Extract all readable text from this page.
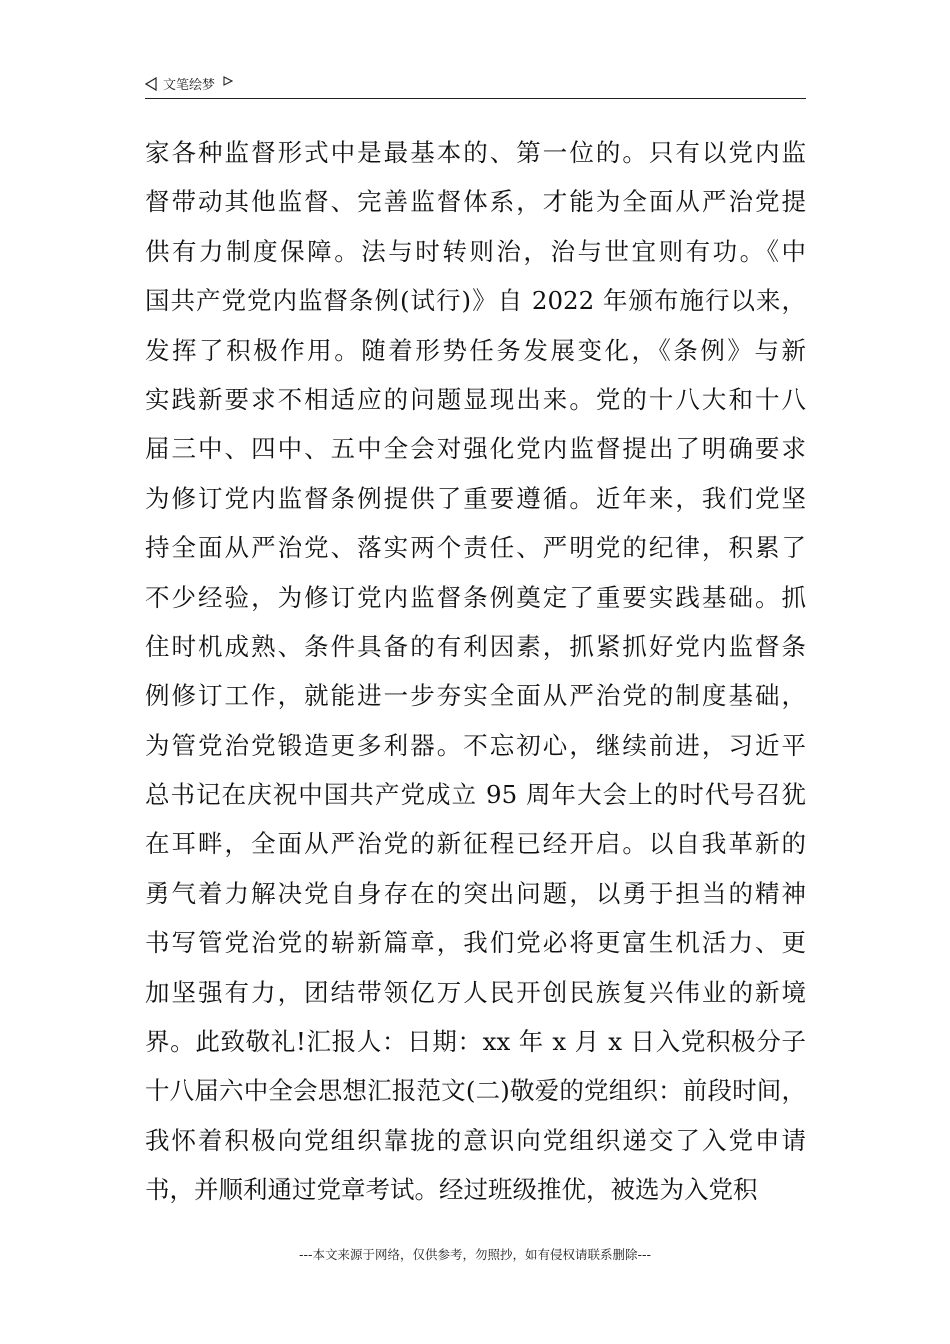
文笔绘梦
家各种监督形式中是最基本的、第一位的。只有以党内监
督带动其他监督、完善监督体系，才能为全面从严治党提
供有力制度保障。法与时转则治，治与世宜则有功。《中
国共产党党内监督条例(试行)》自 2022 年颁布施行以来，
发挥了积极作用。随着形势任务发展变化，《条例》与新
实践新要求不相适应的问题显现出来。党的十八大和十八
届三中、四中、五中全会对强化党内监督提出了明确要求
为修订党内监督条例提供了重要遵循。近年来，我们党坚
持全面从严治党、落实两个责任、严明党的纪律，积累了
不少经验，为修订党内监督条例奠定了重要实践基础。抓
住时机成熟、条件具备的有利因素，抓紧抓好党内监督条
例修订工作，就能进一步夯实全面从严治党的制度基础，
为管党治党锻造更多利器。不忘初心，继续前进，习近平
总书记在庆祝中国共产党成立 95 周年大会上的时代号召犹
在耳畔，全面从严治党的新征程已经开启。以自我革新的
勇气着力解决党自身存在的突出问题，以勇于担当的精神
书写管党治党的崭新篇章，我们党必将更富生机活力、更
加坚强有力，团结带领亿万人民开创民族复兴伟业的新境
界。此致敬礼!汇报人：日期：xx 年 x 月 x 日入党积极分子
十八届六中全会思想汇报范文(二)敬爱的党组织：前段时间，
我怀着积极向党组织靠拢的意识向党组织递交了入党申请
书，并顺利通过党章考试。经过班级推优，被选为入党积
---本文来源于网络，仅供参考，勿照抄，如有侵权请联系删除---
